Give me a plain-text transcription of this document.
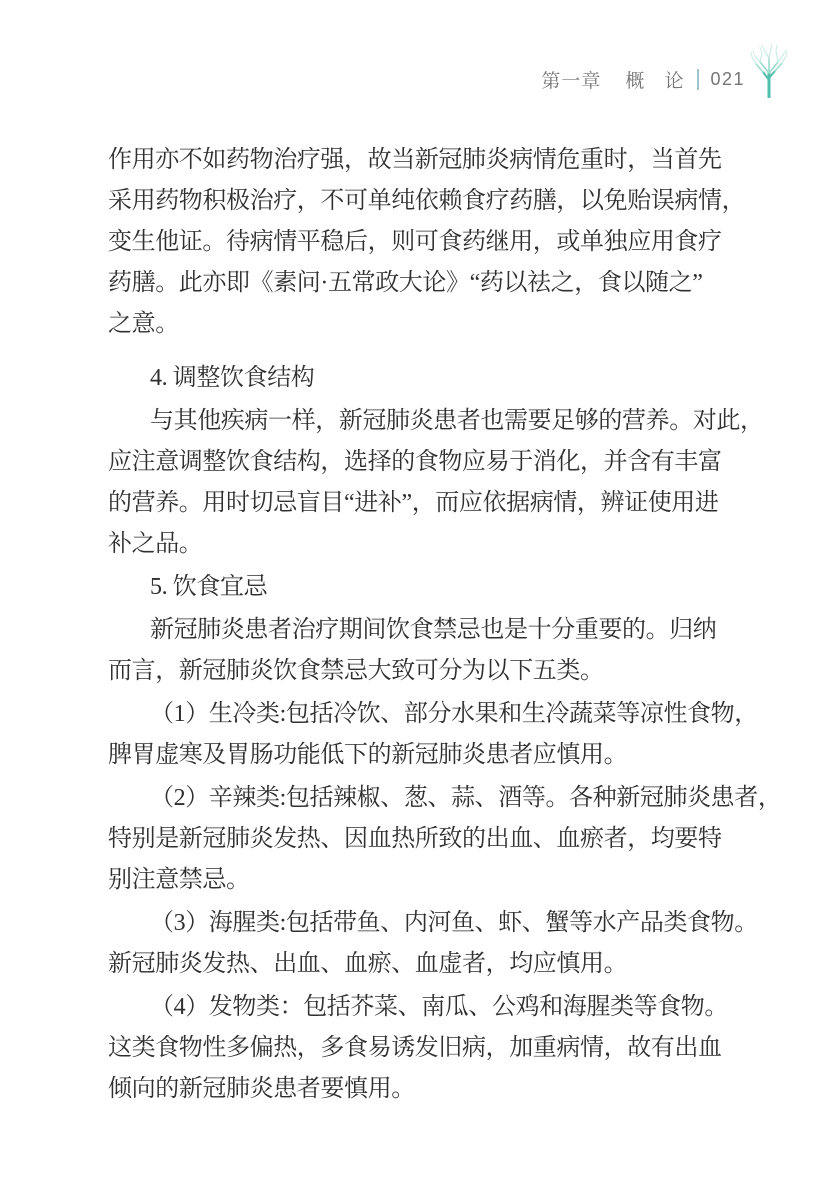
第一章 概 论 021
作用亦不如药物治疗强，故当新冠肺炎病情危重时，当首先
采用药物积极治疗，不可单纯依赖食疗药膳，以免贻误病情，
变生他证。待病情平稳后，则可食药继用，或单独应用食疗
药膳。此亦即《素问·五常政大论》“药以祛之，食以随之”
之意。
4. 调整饮食结构
与其他疾病一样，新冠肺炎患者也需要足够的营养。对此，
应注意调整饮食结构，选择的食物应易于消化，并含有丰富
的营养。用时切忌盲目“进补”，而应依据病情，辨证使用进
补之品。
5. 饮食宜忌
新冠肺炎患者治疗期间饮食禁忌也是十分重要的。归纳
而言，新冠肺炎饮食禁忌大致可分为以下五类。
（1）生冷类:包括冷饮、部分水果和生冷蔬菜等凉性食物，
脾胃虚寒及胃肠功能低下的新冠肺炎患者应慎用。
（2）辛辣类:包括辣椒、葱、蒜、酒等。各种新冠肺炎患者，
特别是新冠肺炎发热、因血热所致的出血、血瘀者，均要特
别注意禁忌。
（3）海腥类:包括带鱼、内河鱼、虾、蟹等水产品类食物。
新冠肺炎发热、出血、血瘀、血虚者，均应慎用。
（4）发物类：包括芥菜、南瓜、公鸡和海腥类等食物。
这类食物性多偏热，多食易诱发旧病，加重病情，故有出血
倾向的新冠肺炎患者要慎用。
